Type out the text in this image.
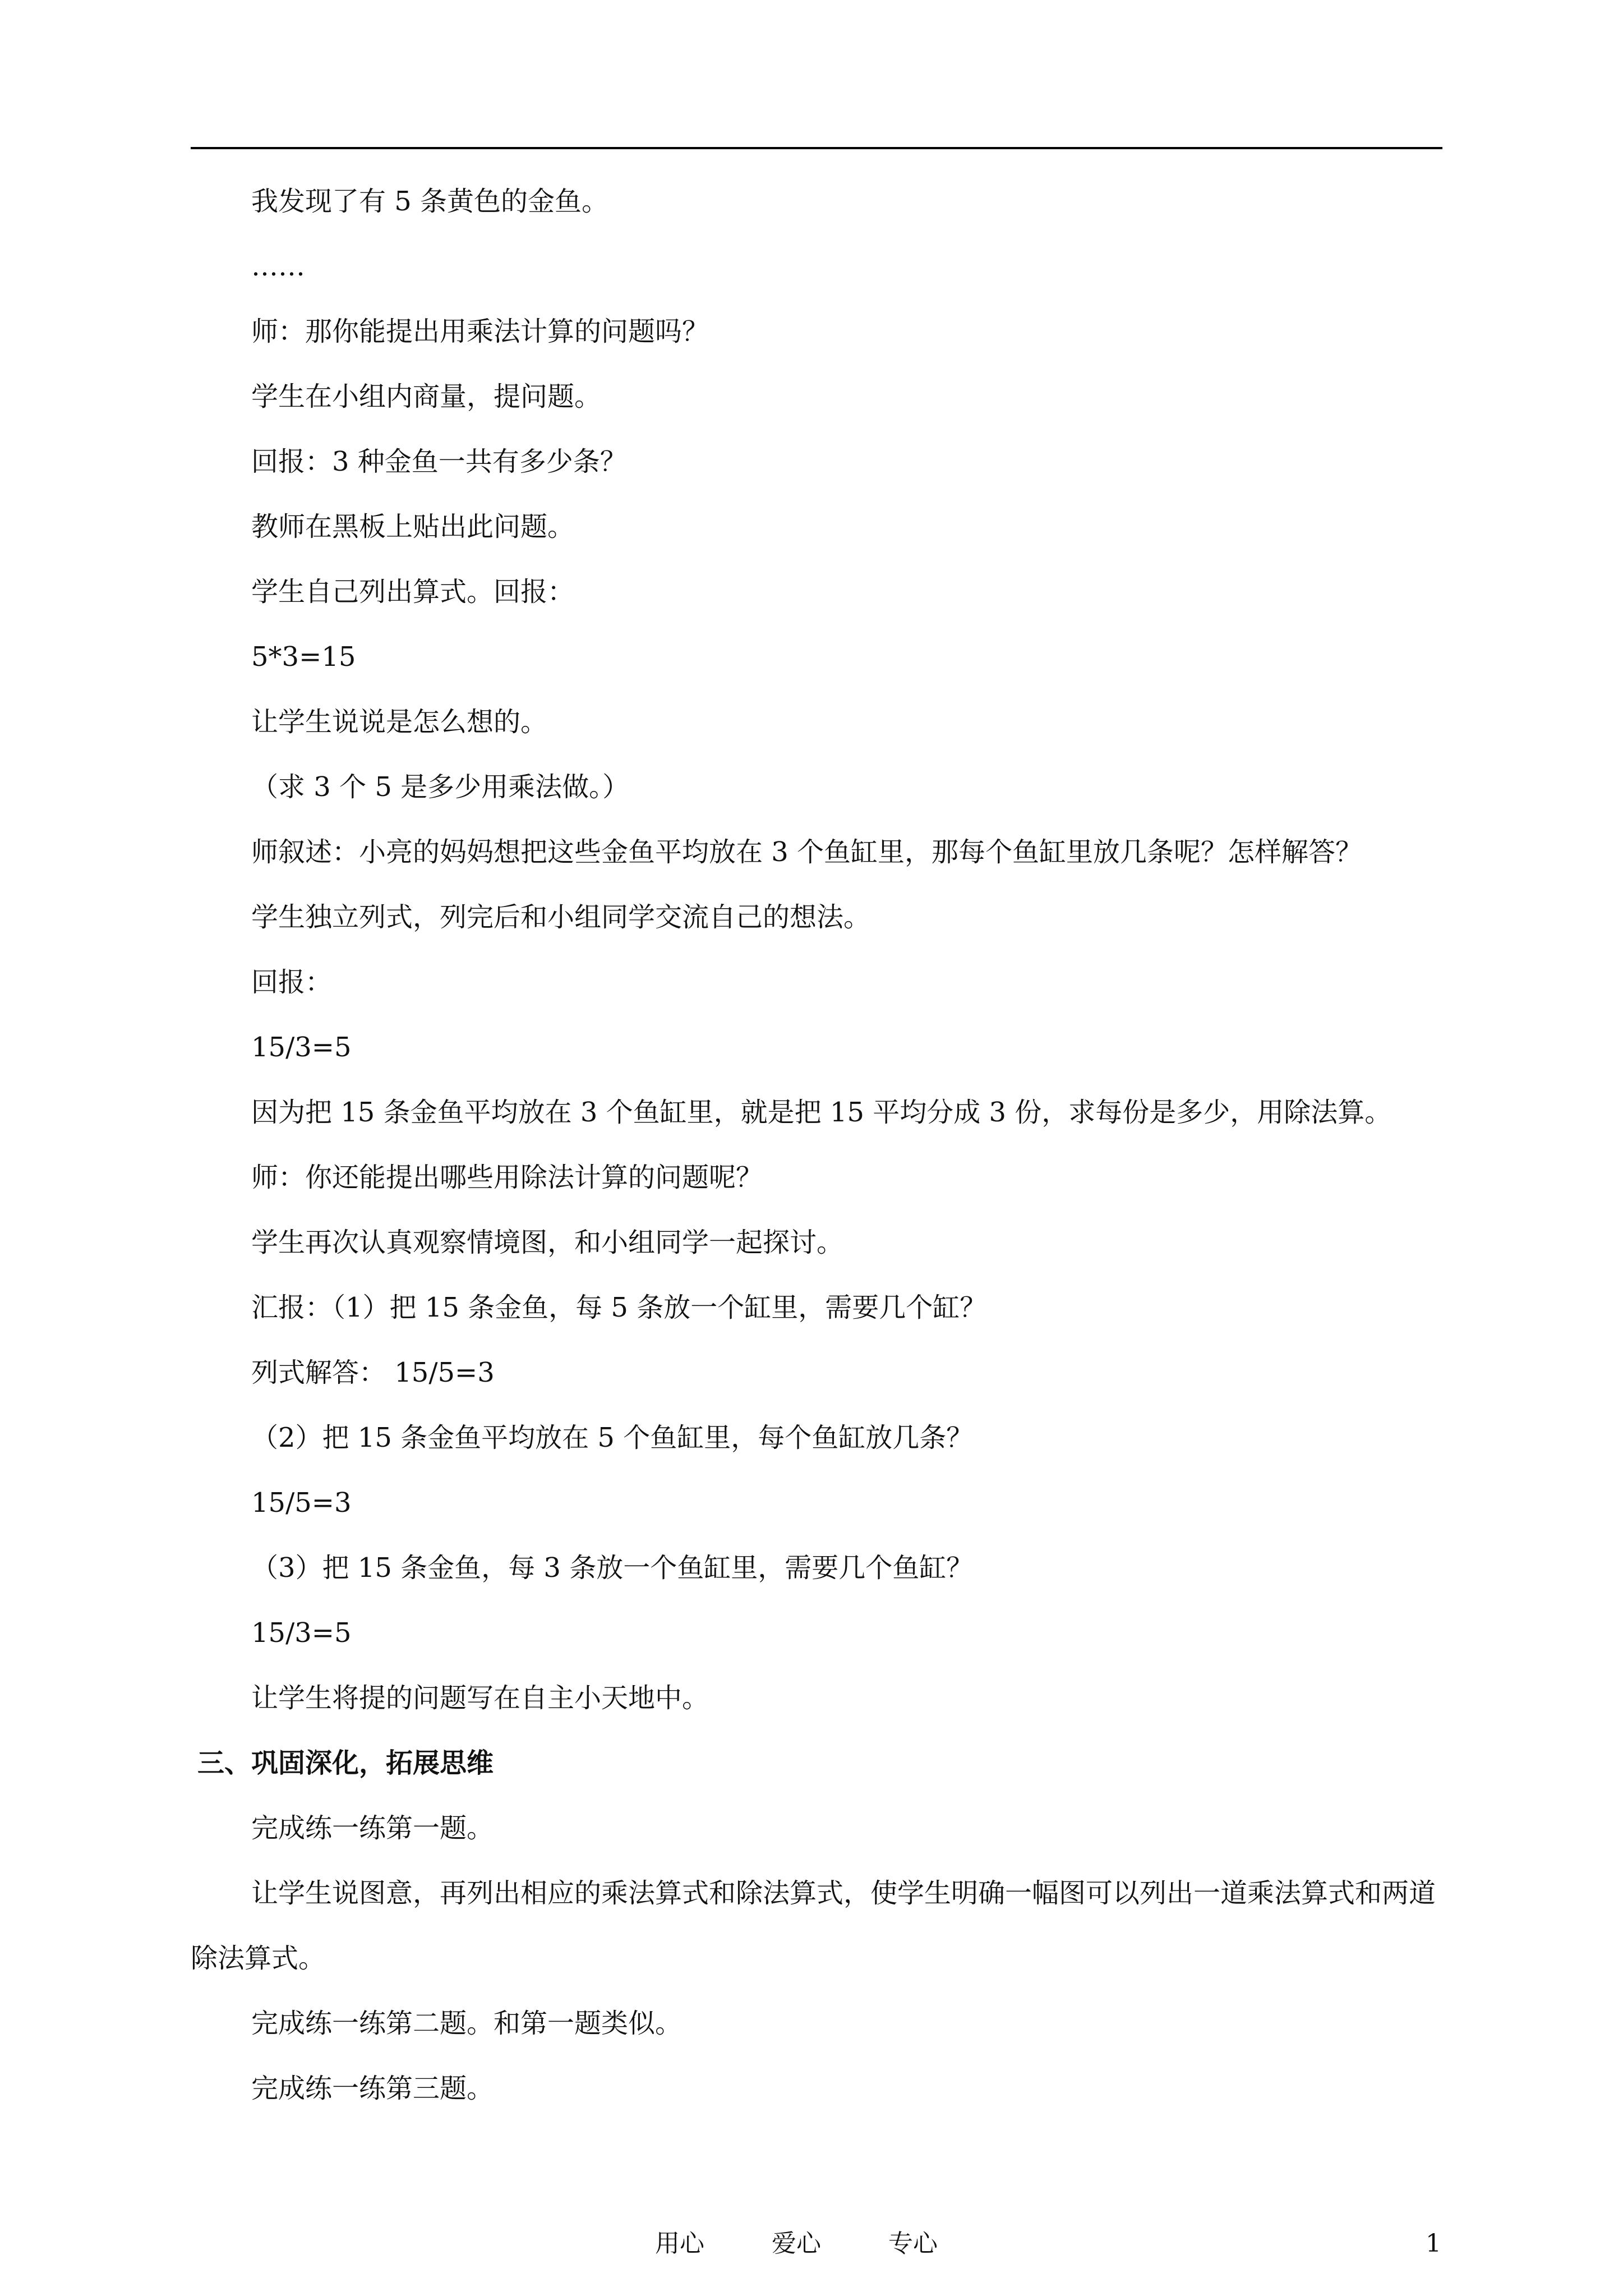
我发现了有 5 条黄色的金鱼。
……
师：那你能提出用乘法计算的问题吗？
学生在小组内商量，提问题。
回报：3 种金鱼一共有多少条？
教师在黑板上贴出此问题。
学生自己列出算式。回报：
5*3=15
让学生说说是怎么想的。
（求 3 个 5 是多少用乘法做。）
师叙述：小亮的妈妈想把这些金鱼平均放在 3 个鱼缸里，那每个鱼缸里放几条呢？怎样解答？
学生独立列式，列完后和小组同学交流自己的想法。
回报：
15/3=5
因为把 15 条金鱼平均放在 3 个鱼缸里，就是把 15 平均分成 3 份，求每份是多少，用除法算。
师：你还能提出哪些用除法计算的问题呢？
学生再次认真观察情境图，和小组同学一起探讨。
汇报：（1）把 15 条金鱼，每 5 条放一个缸里，需要几个缸？
列式解答： 15/5=3
（2）把 15 条金鱼平均放在 5 个鱼缸里，每个鱼缸放几条？
15/5=3
（3）把 15 条金鱼，每 3 条放一个鱼缸里，需要几个鱼缸？
15/3=5
让学生将提的问题写在自主小天地中。
三、巩固深化，拓展思维
完成练一练第一题。
让学生说图意，再列出相应的乘法算式和除法算式，使学生明确一幅图可以列出一道乘法算式和两道除法算式。
完成练一练第二题。和第一题类似。
完成练一练第三题。
用心	爱心	专心	1
